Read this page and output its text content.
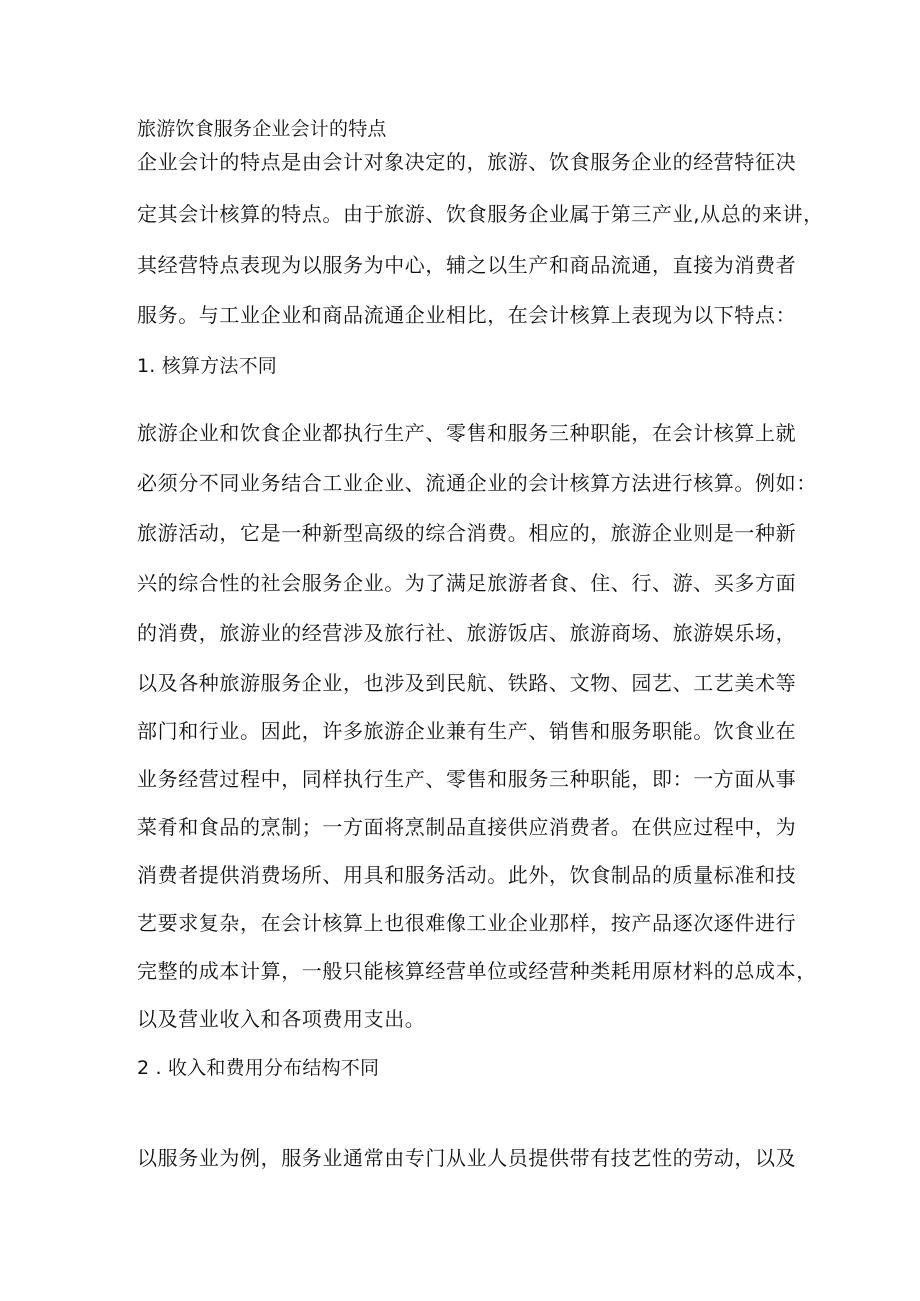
旅游饮食服务企业会计的特点
企业会计的特点是由会计对象决定的，旅游、饮食服务企业的经营特征决
定其会计核算的特点。由于旅游、饮食服务企业属于第三产业,从总的来讲，
其经营特点表现为以服务为中心，辅之以生产和商品流通，直接为消费者
服务。与工业企业和商品流通企业相比，在会计核算上表现为以下特点：
1. 核算方法不同
旅游企业和饮食企业都执行生产、零售和服务三种职能，在会计核算上就
必须分不同业务结合工业企业、流通企业的会计核算方法进行核算。例如：
旅游活动，它是一种新型高级的综合消费。相应的，旅游企业则是一种新
兴的综合性的社会服务企业。为了满足旅游者食、住、行、游、买多方面
的消费，旅游业的经营涉及旅行社、旅游饭店、旅游商场、旅游娱乐场，
以及各种旅游服务企业，也涉及到民航、铁路、文物、园艺、工艺美术等
部门和行业。因此，许多旅游企业兼有生产、销售和服务职能。饮食业在
业务经营过程中，同样执行生产、零售和服务三种职能，即：一方面从事
菜肴和食品的烹制；一方面将烹制品直接供应消费者。在供应过程中，为
消费者提供消费场所、用具和服务活动。此外，饮食制品的质量标准和技
艺要求复杂，在会计核算上也很难像工业企业那样，按产品逐次逐件进行
完整的成本计算，一般只能核算经营单位或经营种类耗用原材料的总成本，
以及营业收入和各项费用支出。
2 . 收入和费用分布结构不同
以服务业为例，服务业通常由专门从业人员提供带有技艺性的劳动，以及
